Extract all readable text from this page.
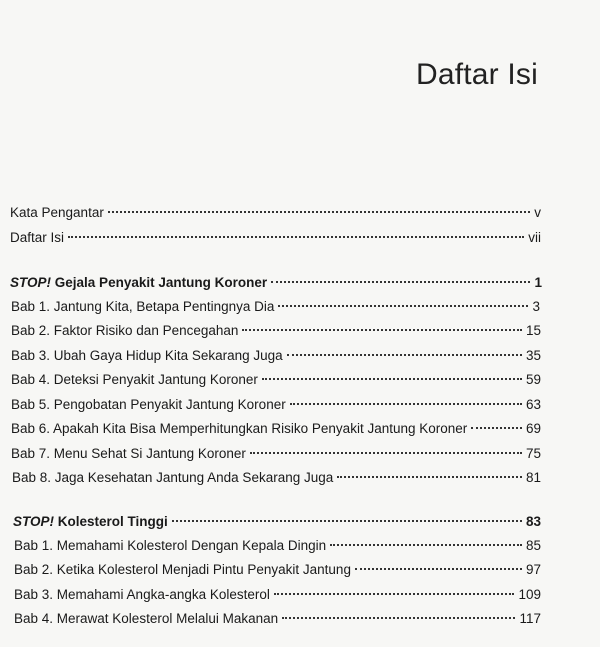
Daftar Isi
Kata Pengantar	v
Daftar Isi	vii
STOP! Gejala Penyakit Jantung Koroner	1
Bab 1. Jantung Kita, Betapa Pentingnya Dia	3
Bab 2. Faktor Risiko dan Pencegahan	15
Bab 3. Ubah Gaya Hidup Kita Sekarang Juga	35
Bab 4. Deteksi Penyakit Jantung Koroner	59
Bab 5. Pengobatan Penyakit Jantung Koroner	63
Bab 6. Apakah Kita Bisa Memperhitungkan Risiko Penyakit Jantung Koroner	69
Bab 7. Menu Sehat Si Jantung Koroner	75
Bab 8. Jaga Kesehatan Jantung Anda Sekarang Juga	81
STOP! Kolesterol Tinggi	83
Bab 1. Memahami Kolesterol Dengan Kepala Dingin	85
Bab 2. Ketika Kolesterol Menjadi Pintu Penyakit Jantung	97
Bab 3. Memahami Angka-angka Kolesterol	109
Bab 4. Merawat Kolesterol Melalui Makanan	117
